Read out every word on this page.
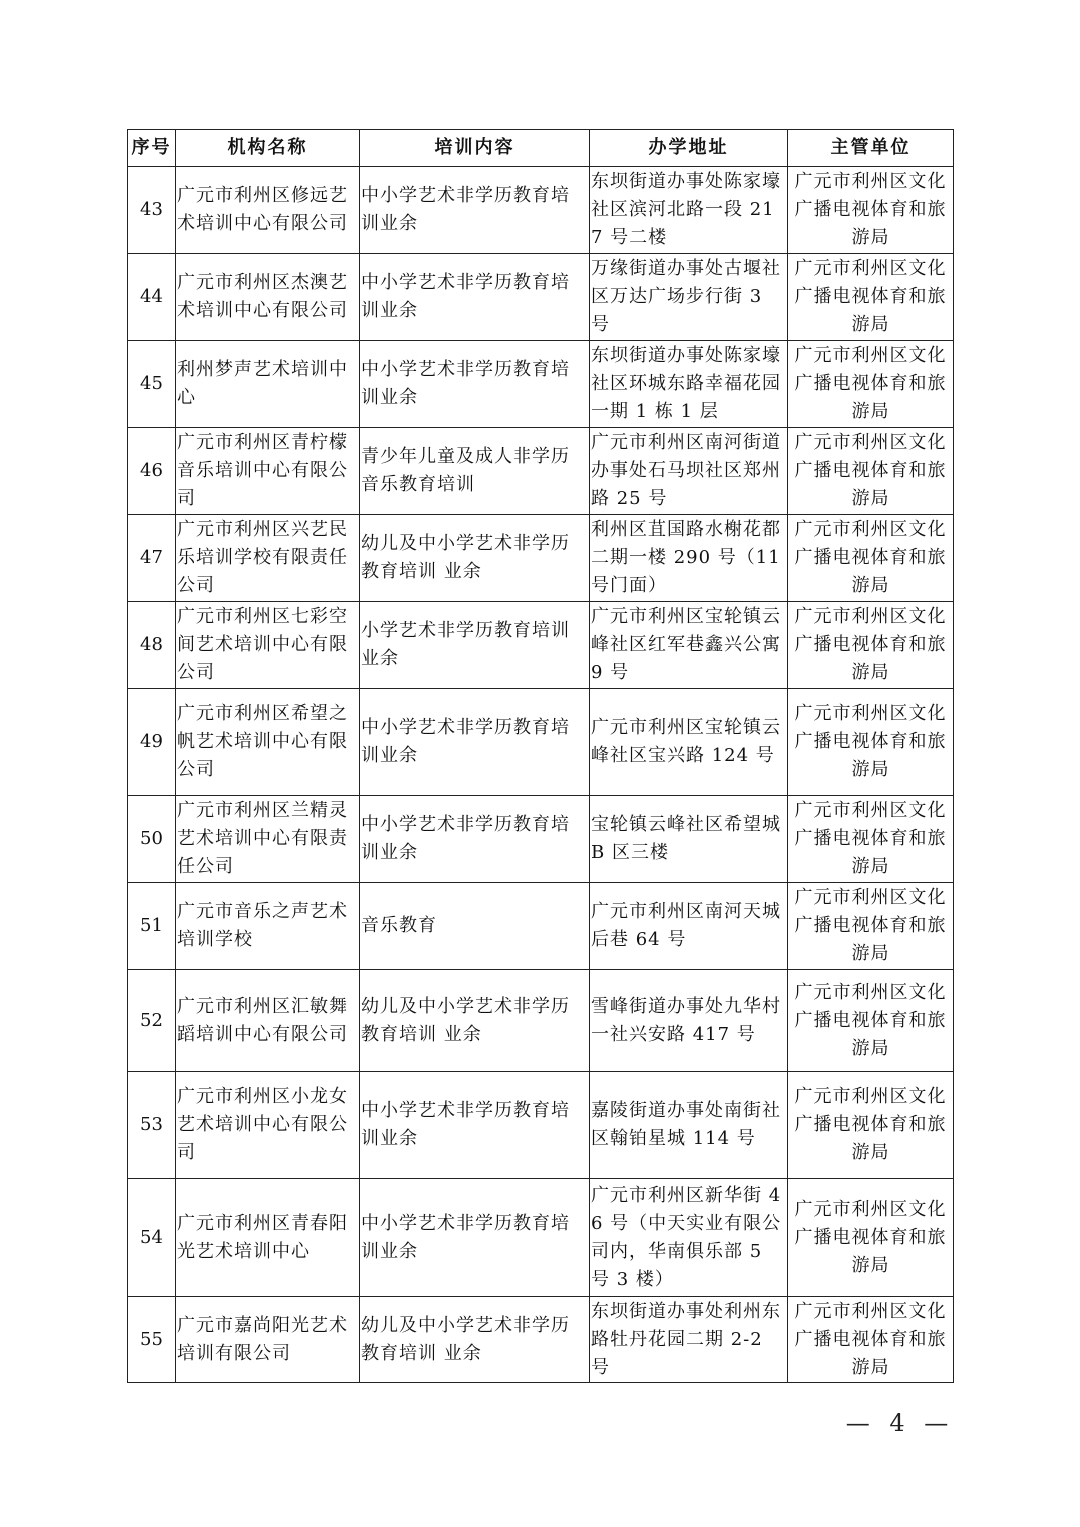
序号	机构名称	培训内容	办学地址	主管单位
43	广元市利州区修远艺术培训中心有限公司	中小学艺术非学历教育培训业余	东坝街道办事处陈家壕社区滨河北路一段 217 号二楼	广元市利州区文化广播电视体育和旅游局
44	广元市利州区杰澳艺术培训中心有限公司	中小学艺术非学历教育培训业余	万缘街道办事处古堰社区万达广场步行街 3 号	广元市利州区文化广播电视体育和旅游局
45	利州梦声艺术培训中心	中小学艺术非学历教育培训业余	东坝街道办事处陈家壕社区环城东路幸福花园一期 1 栋 1 层	广元市利州区文化广播电视体育和旅游局
46	广元市利州区青柠檬音乐培训中心有限公司	青少年儿童及成人非学历音乐教育培训	广元市利州区南河街道办事处石马坝社区郑州路 25 号	广元市利州区文化广播电视体育和旅游局
47	广元市利州区兴艺民乐培训学校有限责任公司	幼儿及中小学艺术非学历教育培训 业余	利州区苴国路水榭花都二期一楼 290 号（11 号门面）	广元市利州区文化广播电视体育和旅游局
48	广元市利州区七彩空间艺术培训中心有限公司	小学艺术非学历教育培训业余	广元市利州区宝轮镇云峰社区红军巷鑫兴公寓 9 号	广元市利州区文化广播电视体育和旅游局
49	广元市利州区希望之帆艺术培训中心有限公司	中小学艺术非学历教育培训业余	广元市利州区宝轮镇云峰社区宝兴路 124 号	广元市利州区文化广播电视体育和旅游局
50	广元市利州区兰精灵艺术培训中心有限责任公司	中小学艺术非学历教育培训业余	宝轮镇云峰社区希望城 B 区三楼	广元市利州区文化广播电视体育和旅游局
51	广元市音乐之声艺术培训学校	音乐教育	广元市利州区南河天城后巷 64 号	广元市利州区文化广播电视体育和旅游局
52	广元市利州区汇敏舞蹈培训中心有限公司	幼儿及中小学艺术非学历教育培训 业余	雪峰街道办事处九华村一社兴安路 417 号	广元市利州区文化广播电视体育和旅游局
53	广元市利州区小龙女艺术培训中心有限公司	中小学艺术非学历教育培训业余	嘉陵街道办事处南街社区翰铂星城 114 号	广元市利州区文化广播电视体育和旅游局
54	广元市利州区青春阳光艺术培训中心	中小学艺术非学历教育培训业余	广元市利州区新华街 46 号（中天实业有限公司内，华南俱乐部 5 号 3 楼）	广元市利州区文化广播电视体育和旅游局
55	广元市嘉尚阳光艺术培训有限公司	幼儿及中小学艺术非学历教育培训 业余	东坝街道办事处利州东路牡丹花园二期 2-2 号	广元市利州区文化广播电视体育和旅游局
— 4 —
